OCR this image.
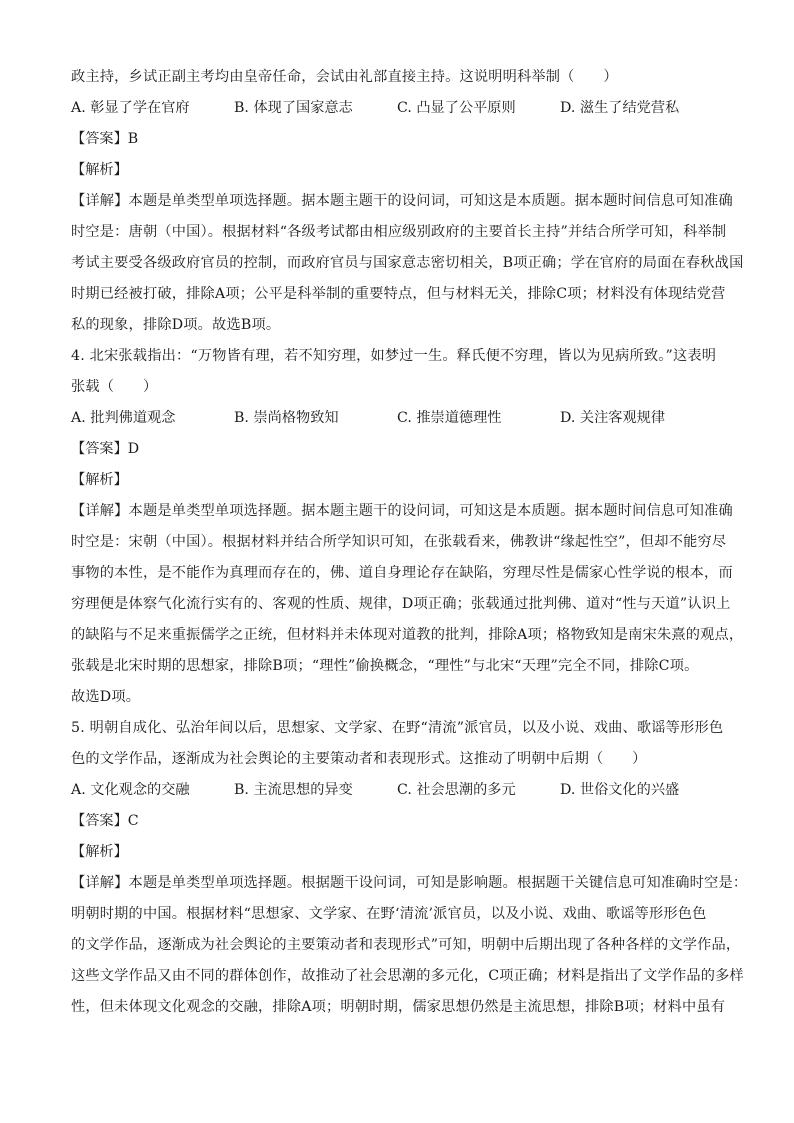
政主持，乡试正副主考均由皇帝任命，会试由礼部直接主持。这说明明科举制（　　）
A. 彰显了学在官府	B. 体现了国家意志	C. 凸显了公平原则	D. 滋生了结党营私
【答案】B
【解析】
【详解】本题是单类型单项选择题。据本题主题干的设问词，可知这是本质题。据本题时间信息可知准确
时空是：唐朝（中国）。根据材料“各级考试都由相应级别政府的主要首长主持”并结合所学可知，科举制
考试主要受各级政府官员的控制，而政府官员与国家意志密切相关，B项正确；学在官府的局面在春秋战国
时期已经被打破，排除A项；公平是科举制的重要特点，但与材料无关，排除C项；材料没有体现结党营
私的现象，排除D项。故选B项。
4. 北宋张载指出：“万物皆有理，若不知穷理，如梦过一生。释氏便不穷理，皆以为见病所致。”这表明
张载（　　）
A. 批判佛道观念	B. 崇尚格物致知	C. 推崇道德理性	D. 关注客观规律
【答案】D
【解析】
【详解】本题是单类型单项选择题。据本题主题干的设问词，可知这是本质题。据本题时间信息可知准确
时空是：宋朝（中国）。根据材料并结合所学知识可知，在张载看来，佛教讲“缘起性空”，但却不能穷尽
事物的本性，是不能作为真理而存在的，佛、道自身理论存在缺陷，穷理尽性是儒家心性学说的根本，而
穷理便是体察气化流行实有的、客观的性质、规律，D项正确；张载通过批判佛、道对“性与天道”认识上
的缺陷与不足来重振儒学之正统，但材料并未体现对道教的批判，排除A项；格物致知是南宋朱熹的观点，
张载是北宋时期的思想家，排除B项；“理性”偷换概念，“理性”与北宋“天理”完全不同，排除C项。
故选D项。
5. 明朝自成化、弘治年间以后，思想家、文学家、在野“清流”派官员，以及小说、戏曲、歌谣等形形色
色的文学作品，逐渐成为社会舆论的主要策动者和表现形式。这推动了明朝中后期（　　）
A. 文化观念的交融	B. 主流思想的异变	C. 社会思潮的多元	D. 世俗文化的兴盛
【答案】C
【解析】
【详解】本题是单类型单项选择题。根据题干设问词，可知是影响题。根据题干关键信息可知准确时空是：
明朝时期的中国。根据材料“思想家、文学家、在野‘清流’派官员，以及小说、戏曲、歌谣等形形色色
的文学作品，逐渐成为社会舆论的主要策动者和表现形式”可知，明朝中后期出现了各种各样的文学作品，
这些文学作品又由不同的群体创作，故推动了社会思潮的多元化，C项正确；材料是指出了文学作品的多样
性，但未体现文化观念的交融，排除A项；明朝时期，儒家思想仍然是主流思想，排除B项；材料中虽有
